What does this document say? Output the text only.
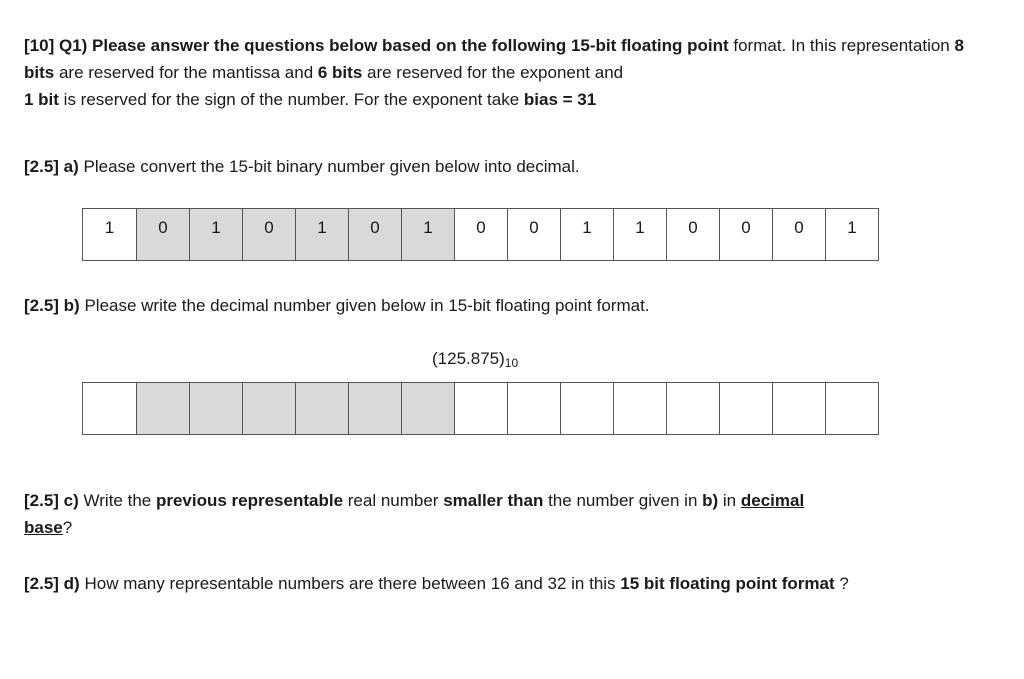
[10] Q1) Please answer the questions below based on the following 15-bit floating point format. In this representation 8 bits are reserved for the mantissa and 6 bits are reserved for the exponent and
1 bit is reserved for the sign of the number. For the exponent take bias = 31

[2.5] a) Please convert the 15-bit binary number given below into decimal.

1	0	1	0	1	0	1	0	0	1	1	0	0	0	1

[2.5] b) Please write the decimal number given below in 15-bit floating point format.

$(125.875)_{10}$

[2.5] c) Write the previous representable real number smaller than the number given in b) in decimal
base?

[2.5] d) How many representable numbers are there between 16 and 32 in this 15 bit floating point format ?
